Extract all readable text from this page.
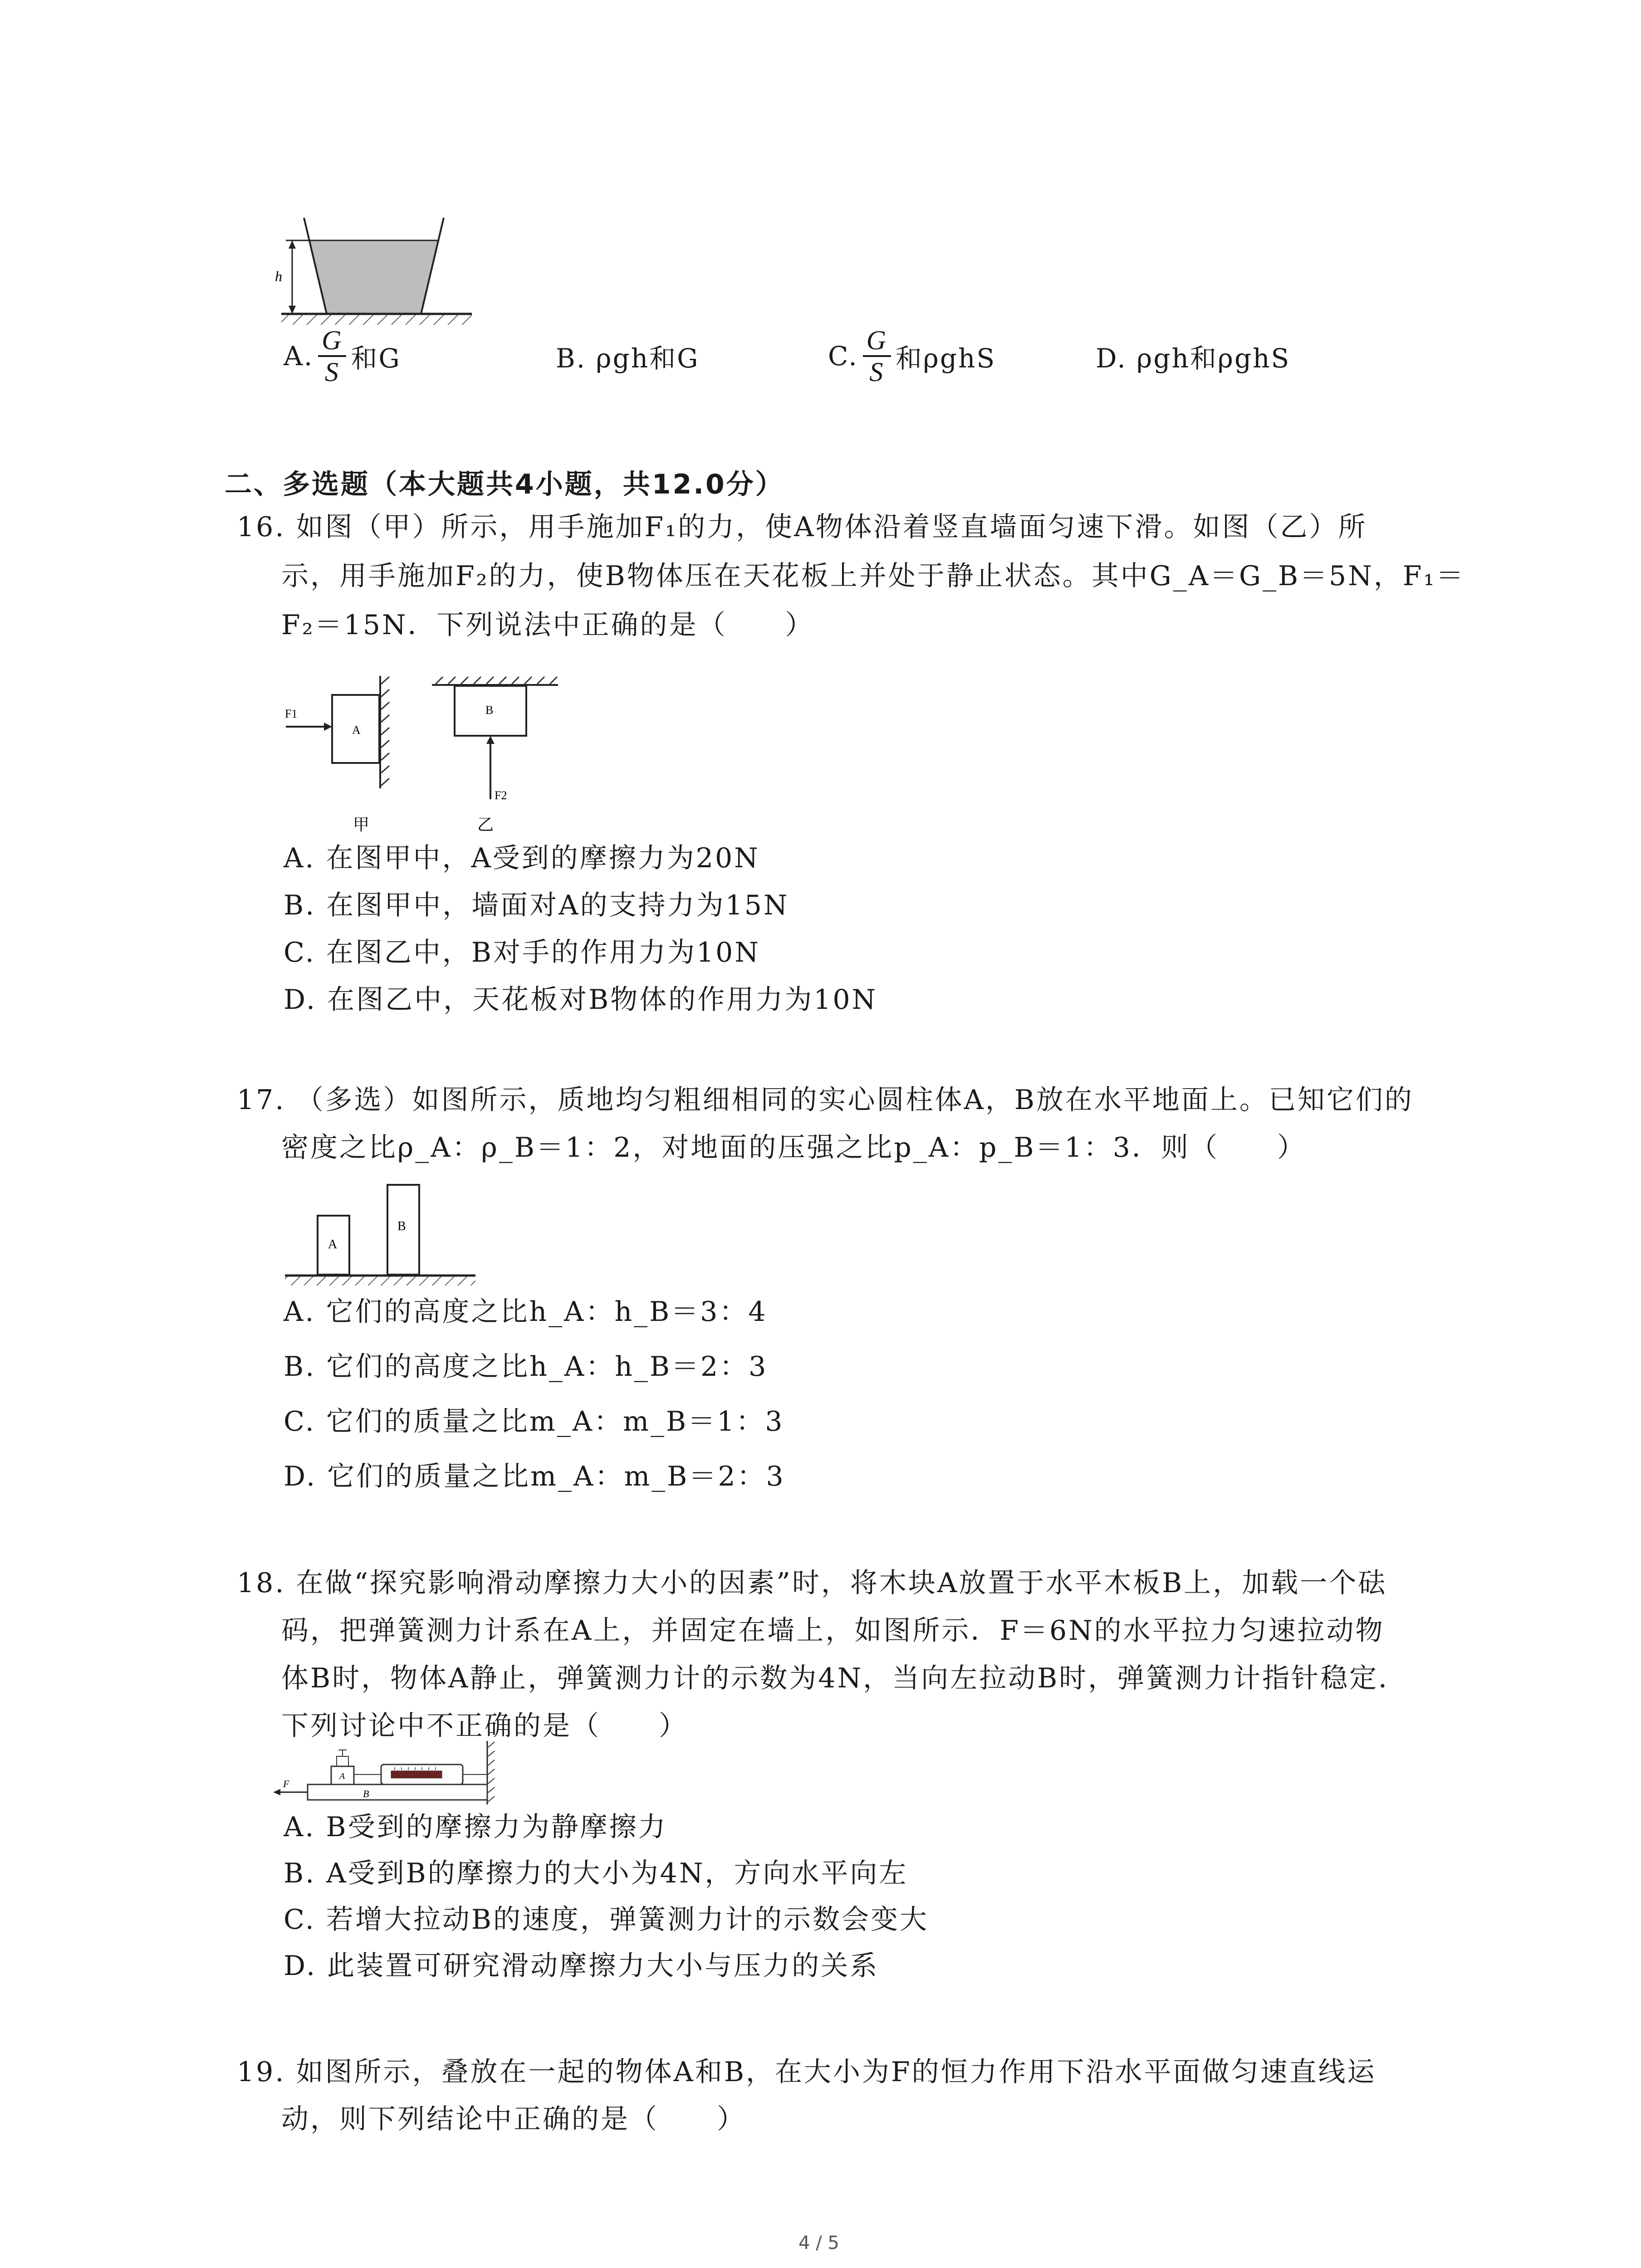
h
A. $\frac{G}{S}$ 和G	B. ρgh和G	C. $\frac{G}{S}$ 和ρghS	D. ρgh和ρghS
二、多选题（本大题共4小题，共12.0分）
16. 如图（甲）所示，用手施加F₁的力，使A物体沿着竖直墙面匀速下滑。如图（乙）所
示，用手施加F₂的力，使B物体压在天花板上并处于静止状态。其中G_A＝G_B＝5N，F₁＝
F₂＝15N．下列说法中正确的是（　　）
A
F1
甲
B
F2
乙
A. 在图甲中，A受到的摩擦力为20N
B. 在图甲中，墙面对A的支持力为15N
C. 在图乙中，B对手的作用力为10N
D. 在图乙中，天花板对B物体的作用力为10N
17. （多选）如图所示，质地均匀粗细相同的实心圆柱体A，B放在水平地面上。已知它们的
密度之比ρ_A：ρ_B＝1：2，对地面的压强之比p_A：p_B＝1：3．则（　　）
A
B
A. 它们的高度之比h_A：h_B＝3：4
B. 它们的高度之比h_A：h_B＝2：3
C. 它们的质量之比m_A：m_B＝1：3
D. 它们的质量之比m_A：m_B＝2：3
18. 在做“探究影响滑动摩擦力大小的因素”时，将木块A放置于水平木板B上，加载一个砝
码，把弹簧测力计系在A上，并固定在墙上，如图所示．F＝6N的水平拉力匀速拉动物
体B时，物体A静止，弹簧测力计的示数为4N，当向左拉动B时，弹簧测力计指针稳定．
下列讨论中不正确的是（　　）
B
A
F
A. B受到的摩擦力为静摩擦力
B. A受到B的摩擦力的大小为4N，方向水平向左
C. 若增大拉动B的速度，弹簧测力计的示数会变大
D. 此装置可研究滑动摩擦力大小与压力的关系
19. 如图所示，叠放在一起的物体A和B，在大小为F的恒力作用下沿水平面做匀速直线运
动，则下列结论中正确的是（　　）
4 / 5
